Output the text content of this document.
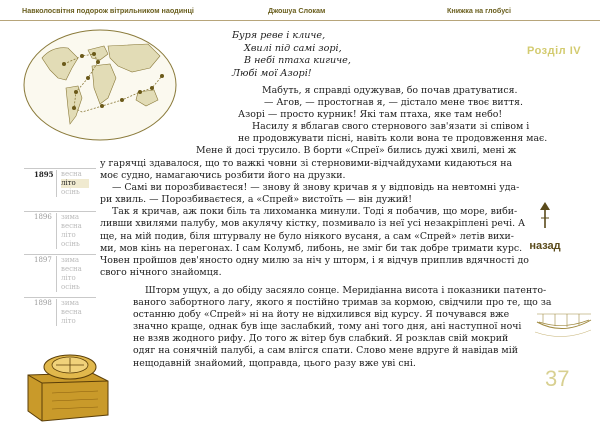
Навколосвітня подорож вітрильником наодинці	Джошуа Слокам	Книжка на глобусі
Буря реве і кличе,
Хвилі під самі зорі,
В небі птаха кигиче,
Любі мої Азорі!
Розділ IV
Мабуть, я справді одужував, бо почав дратуватися.
— Агов, — простогнав я, — дістало мене твоє виття.
Азорі — просто курник! Які там птаха, яке там небо!
Насилу я вблагав свого стернового зав'язати зі співом і
не продовжувати пісні, навіть коли вона те продовження має.
Мене й досі трусило. В борти «Спреї» бились дужі хвилі, мені ж
у гарячці здавалося, що то важкі човни зі стерновими-відчайдухами кидаються на
моє судно, намагаючись розбити його на друзки.
— Самі ви порозбиваєтеся! — знову й знову кричав я у відповідь на невтомні уда-
ри хвиль. — Порозбиваєтеся, а «Спрей» вистоїть — він дужий!
Так я кричав, аж поки біль та лихоманка минули. Тоді я побачив, що море, виби-
ливши хвилями палубу, мов акулячу кістку, позмивало із неї усі незакріплені речі. А
ще, на мій подив, біля штурвалу не було ніякого вусаня, а сам «Спрей» летів вихи-
ми, мов кінь на перегонах. І сам Колумб, либонь, не зміг би так добре тримати курс.
Човен пройшов дев'яносто одну милю за ніч у шторм, і я відчув приплив вдячності до
свого нічного знайомця.
Шторм ущух, а до обіду засяяло сонце. Меридіанна висота і показники патенто-
ваного забортного лагу, якого я постійно тримав за кормою, свідчили про те, що за
останню добу «Спрей» ні на йоту не відхилився від курсу. Я почувався вже
значно краще, однак був іще заслабкий, тому ані того дня, ані наступної ночі
не взяв жодного рифу. До того ж вітер був слабкий. Я розклав свій мокрий
одяг на сонячній палубі, а сам влігся спати. Слово мене вдруге й навідав мій
нещодавній знайомий, щоправда, цього разу вже уві сні.
1895 весна
літо
осінь
1896 зима
весна
літо
осінь
1897 зима
весна
літо
осінь
1898 зима
весна
літо
назад
37
